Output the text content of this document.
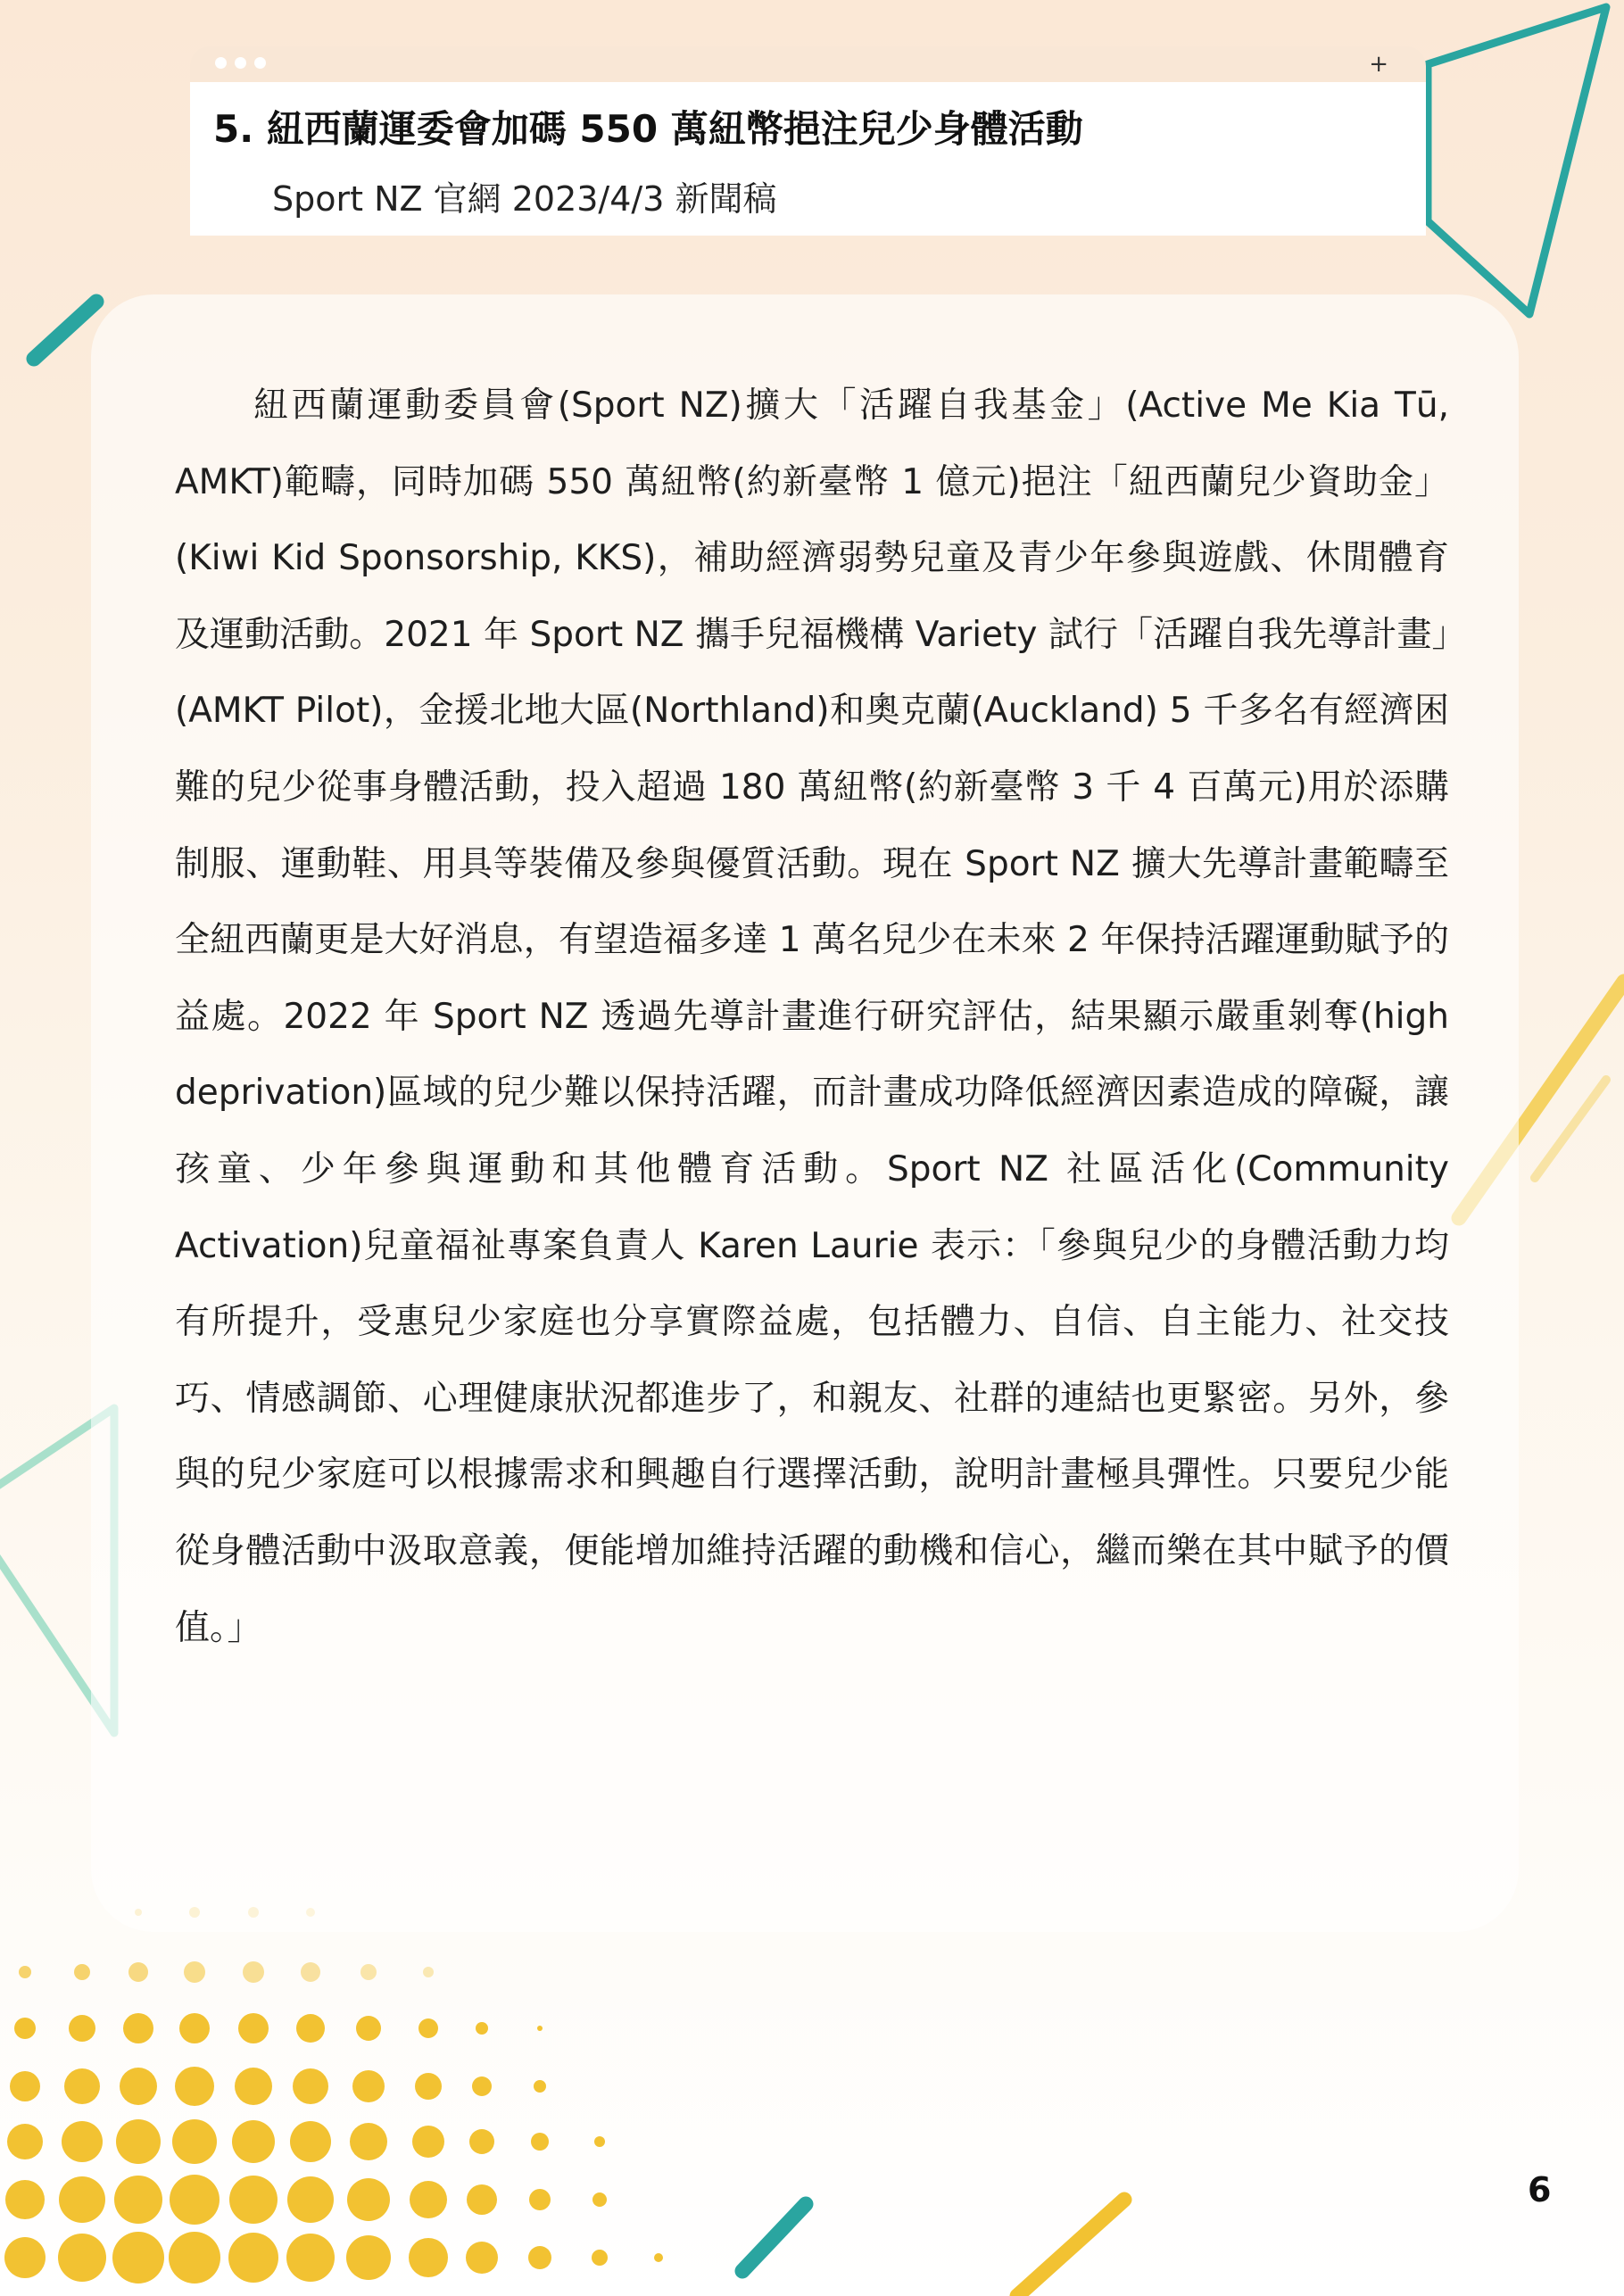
+
5. 紐西蘭運委會加碼 550 萬紐幣挹注兒少身體活動
Sport NZ 官網 2023/4/3 新聞稿

紐西蘭運動委員會(Sport NZ)擴大「活躍自我基金」(Active Me Kia Tū, AMKT)範疇，同時加碼 550 萬紐幣(約新臺幣 1 億元)挹注「紐西蘭兒少資助金」(Kiwi Kid Sponsorship, KKS)，補助經濟弱勢兒童及青少年參與遊戲、休閒體育及運動活動。2021 年 Sport NZ 攜手兒福機構 Variety 試行「活躍自我先導計畫」(AMKT Pilot)，金援北地大區(Northland)和奧克蘭(Auckland) 5 千多名有經濟困難的兒少從事身體活動，投入超過 180 萬紐幣(約新臺幣 3 千 4 百萬元)用於添購制服、運動鞋、用具等裝備及參與優質活動。現在 Sport NZ 擴大先導計畫範疇至全紐西蘭更是大好消息，有望造福多達 1 萬名兒少在未來 2 年保持活躍運動賦予的益處。2022 年 Sport NZ 透過先導計畫進行研究評估，結果顯示嚴重剝奪(high deprivation)區域的兒少難以保持活躍，而計畫成功降低經濟因素造成的障礙，讓孩童、少年參與運動和其他體育活動。Sport NZ 社區活化(Community Activation)兒童福祉專案負責人 Karen Laurie 表示：「參與兒少的身體活動力均有所提升，受惠兒少家庭也分享實際益處，包括體力、自信、自主能力、社交技巧、情感調節、心理健康狀況都進步了，和親友、社群的連結也更緊密。另外，參與的兒少家庭可以根據需求和興趣自行選擇活動，說明計畫極具彈性。只要兒少能從身體活動中汲取意義，便能增加維持活躍的動機和信心，繼而樂在其中賦予的價值。」

6
